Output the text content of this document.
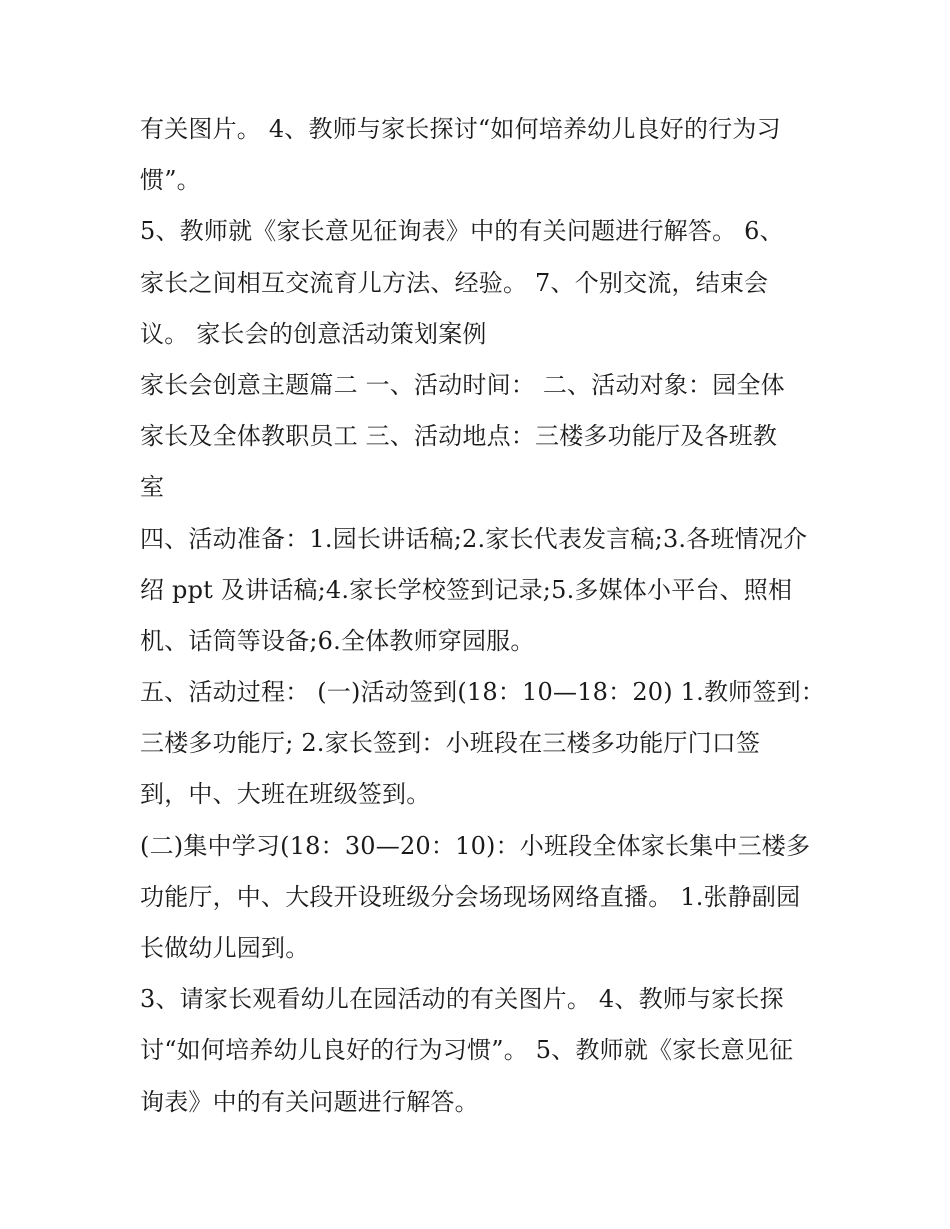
有关图片。 4、教师与家长探讨“如何培养幼儿良好的行为习
惯”。

5、教师就《家长意见征询表》中的有关问题进行解答。 6、
家长之间相互交流育儿方法、经验。 7、个别交流，结束会
议。 家长会的创意活动策划案例

家长会创意主题篇二 一、活动时间： 二、活动对象：园全体
家长及全体教职员工 三、活动地点：三楼多功能厅及各班教
室

四、活动准备：1.园长讲话稿;2.家长代表发言稿;3.各班情况介
绍 ppt 及讲话稿;4.家长学校签到记录;5.多媒体小平台、照相
机、话筒等设备;6.全体教师穿园服。

五、活动过程： (一)活动签到(18：10—18：20) 1.教师签到：
三楼多功能厅; 2.家长签到：小班段在三楼多功能厅门口签
到，中、大班在班级签到。

(二)集中学习(18：30—20：10)：小班段全体家长集中三楼多
功能厅，中、大段开设班级分会场现场网络直播。 1.张静副园
长做幼儿园到。

3、请家长观看幼儿在园活动的有关图片。 4、教师与家长探
讨“如何培养幼儿良好的行为习惯”。 5、教师就《家长意见征
询表》中的有关问题进行解答。
